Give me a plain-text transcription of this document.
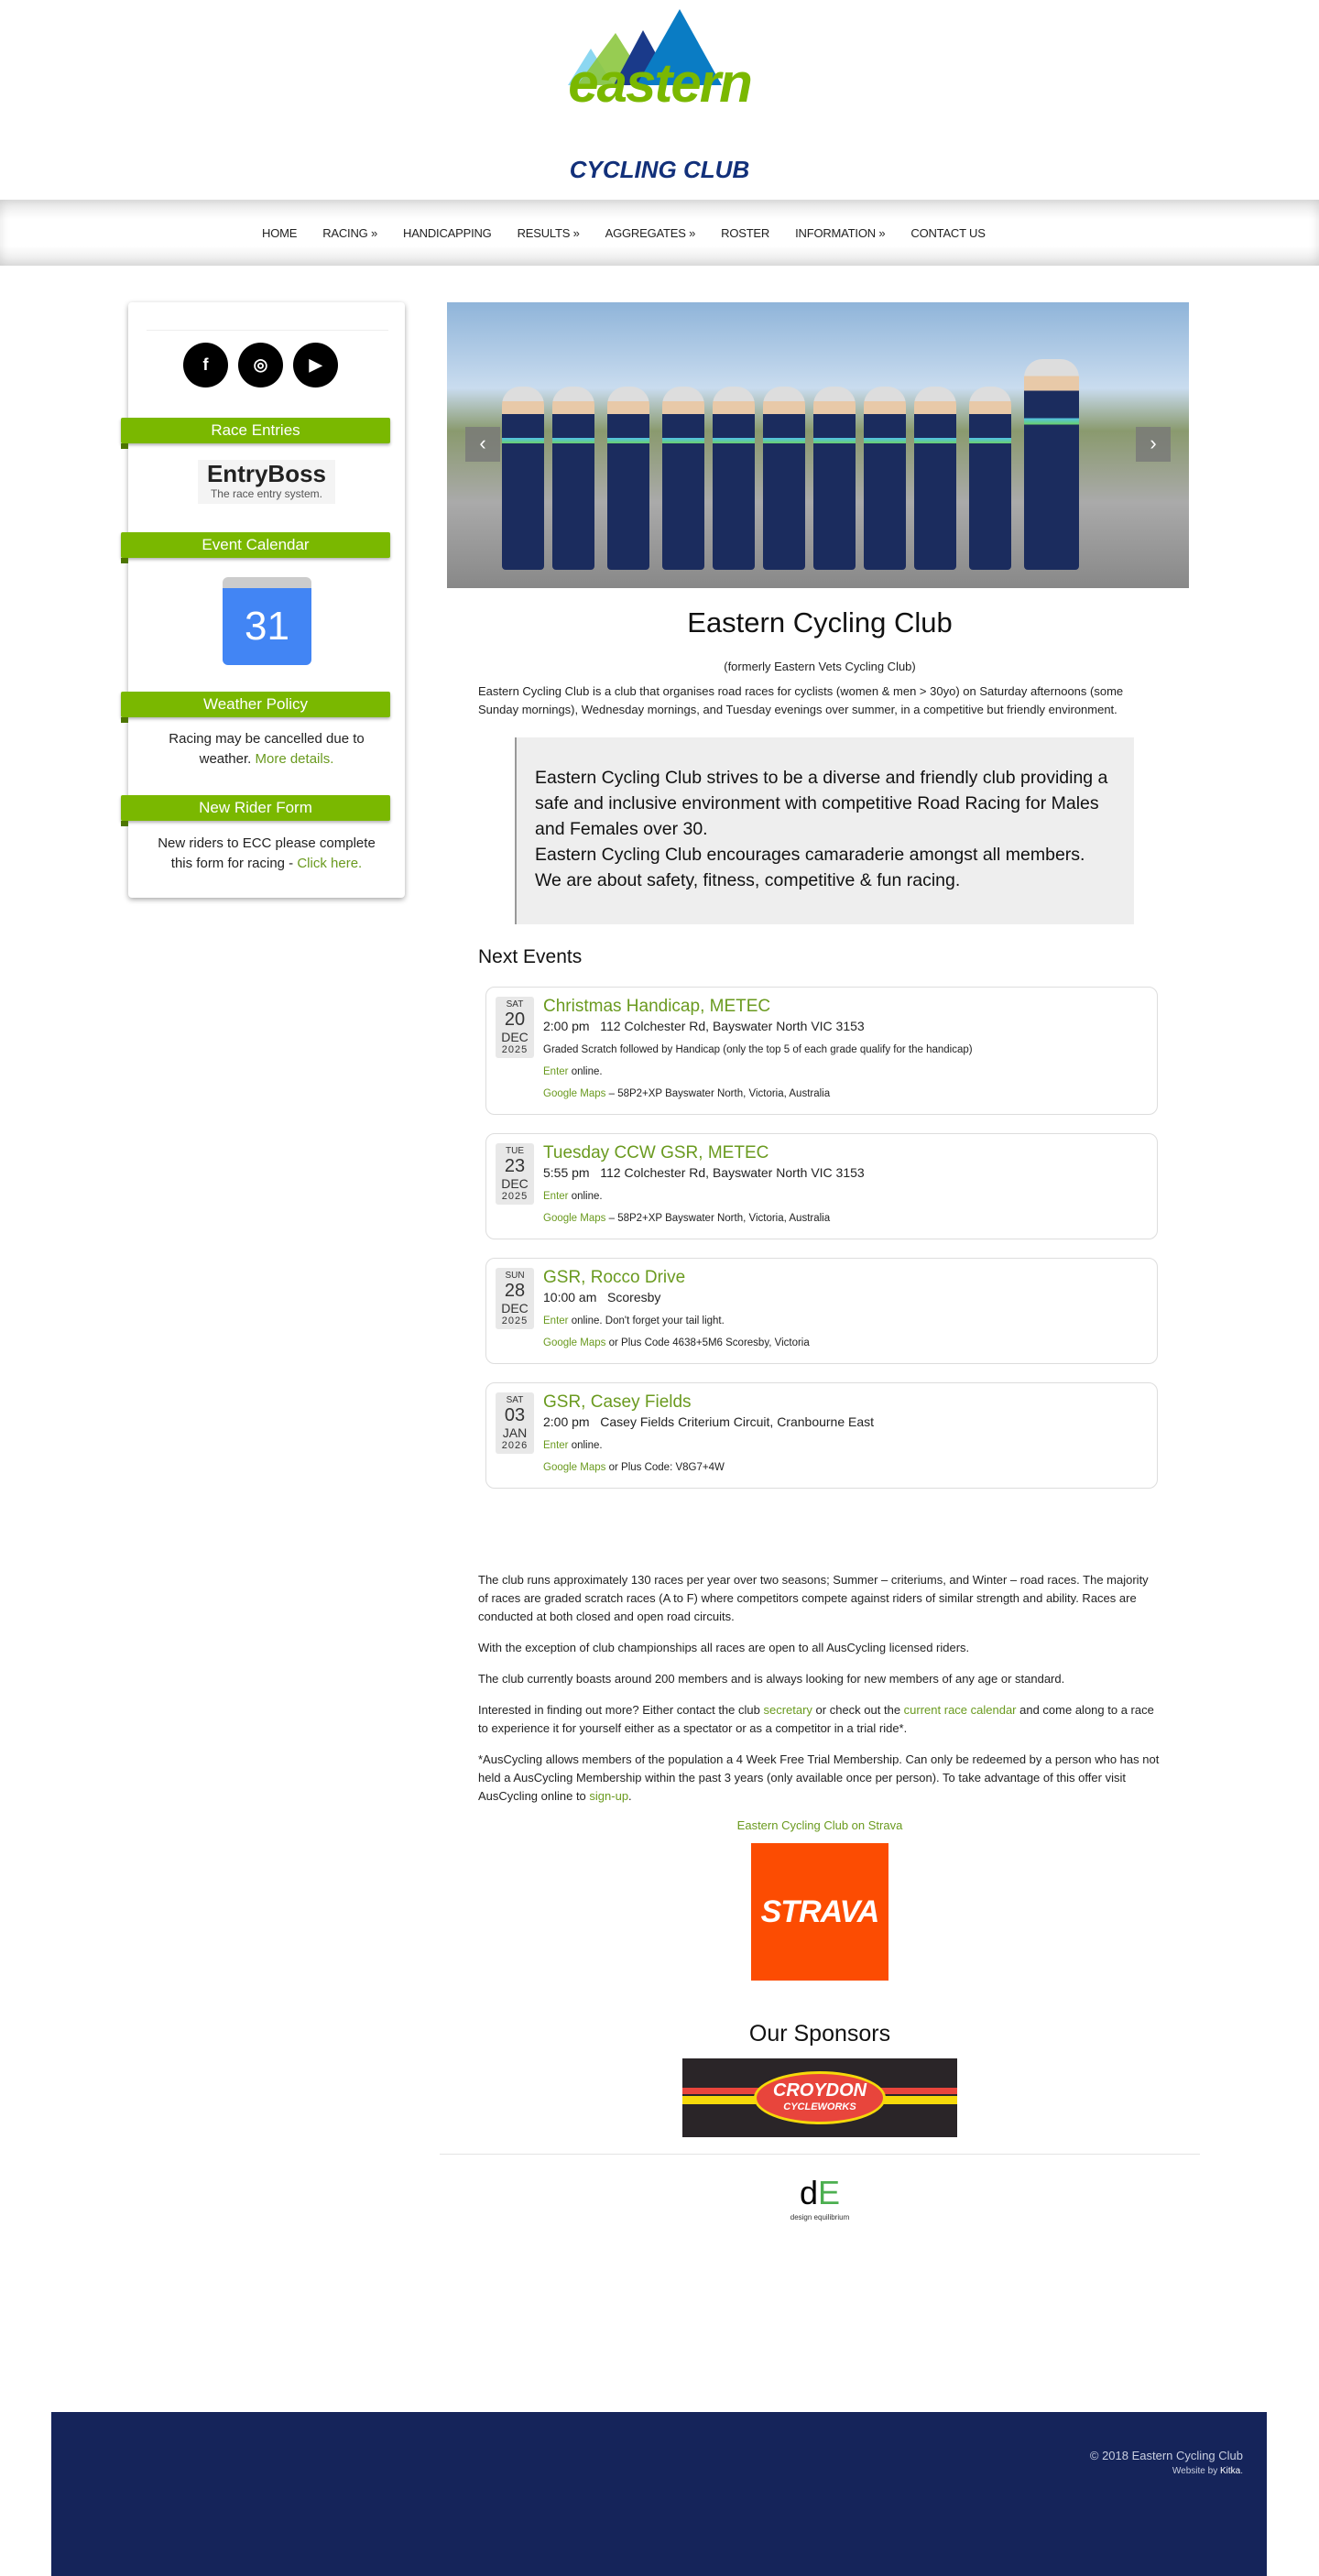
eastern
CYCLING CLUB
HOME RACING » HANDICAPPING RESULTS » AGGREGATES » ROSTER INFORMATION » CONTACT US
f	◎	▶
Race Entries
EntryBoss
The race entry system.
Event Calendar
31
Weather Policy
Racing may be cancelled due to weather. More details.
New Rider Form
New riders to ECC please complete this form for racing - Click here.
‹	›
Eastern Cycling Club
(formerly Eastern Vets Cycling Club)
Eastern Cycling Club is a club that organises road races for cyclists (women & men > 30yo) on Saturday afternoons (some Sunday mornings), Wednesday mornings, and Tuesday evenings over summer, in a competitive but friendly environment.
Eastern Cycling Club strives to be a diverse and friendly club providing a safe and inclusive environment with competitive Road Racing for Males and Females over 30.
Eastern Cycling Club encourages camaraderie amongst all members.
We are about safety, fitness, competitive & fun racing.
Next Events
SAT
20
DEC
2025
Christmas Handicap, METEC
2:00 pm 112 Colchester Rd, Bayswater North VIC 3153
Graded Scratch followed by Handicap (only the top 5 of each grade qualify for the handicap)
Enter online.
Google Maps – 58P2+XP Bayswater North, Victoria, Australia
TUE
23
DEC
2025
Tuesday CCW GSR, METEC
5:55 pm 112 Colchester Rd, Bayswater North VIC 3153
Enter online.
Google Maps – 58P2+XP Bayswater North, Victoria, Australia
SUN
28
DEC
2025
GSR, Rocco Drive
10:00 am Scoresby
Enter online. Don't forget your tail light.
Google Maps or Plus Code 4638+5M6 Scoresby, Victoria
SAT
03
JAN
2026
GSR, Casey Fields
2:00 pm Casey Fields Criterium Circuit, Cranbourne East
Enter online.
Google Maps or Plus Code: V8G7+4W
The club runs approximately 130 races per year over two seasons; Summer – criteriums, and Winter – road races. The majority of races are graded scratch races (A to F) where competitors compete against riders of similar strength and ability. Races are conducted at both closed and open road circuits.
With the exception of club championships all races are open to all AusCycling licensed riders.
The club currently boasts around 200 members and is always looking for new members of any age or standard.
Interested in finding out more? Either contact the club secretary or check out the current race calendar and come along to a race to experience it for yourself either as a spectator or as a competitor in a trial ride*.
*AusCycling allows members of the population a 4 Week Free Trial Membership. Can only be redeemed by a person who has not held a AusCycling Membership within the past 3 years (only available once per person). To take advantage of this offer visit AusCycling online to sign-up.
Eastern Cycling Club on Strava
STRAVA
Our Sponsors
CROYDON
CYCLEWORKS
dE
design equilibrium
© 2018 Eastern Cycling Club
Website by Kitka.
